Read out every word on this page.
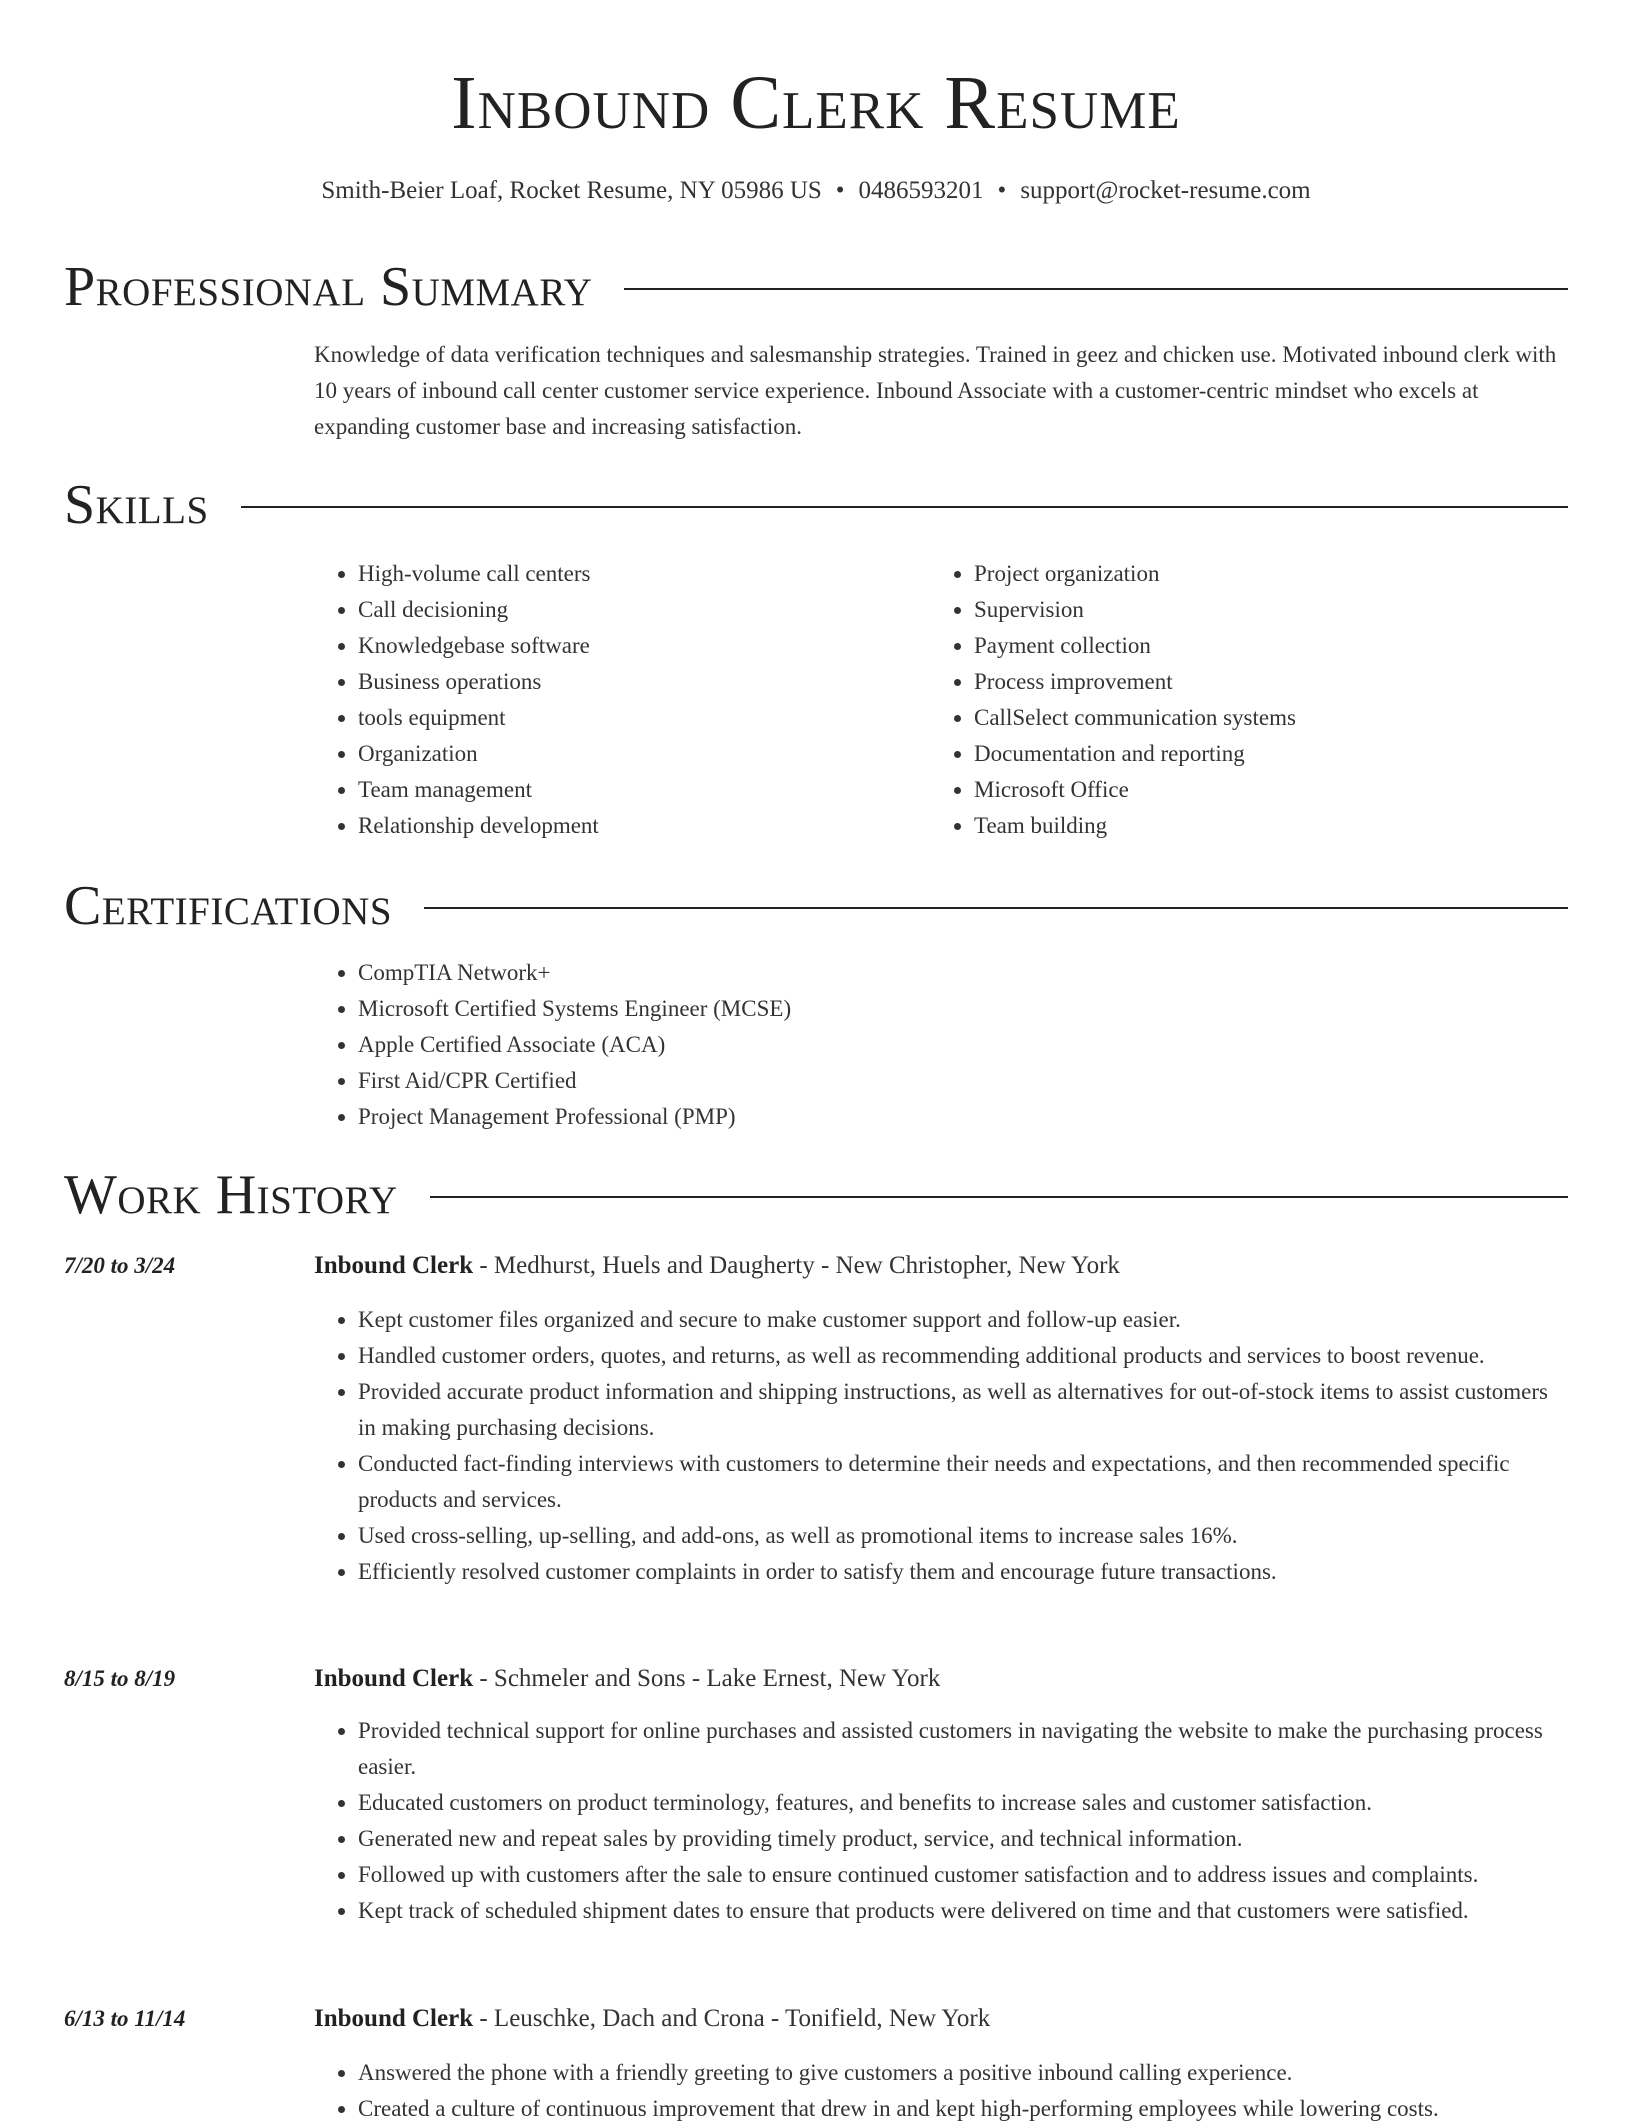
Inbound Clerk Resume
Smith-Beier Loaf, Rocket Resume, NY 05986 US • 0486593201 • support@rocket-resume.com
Professional Summary
Knowledge of data verification techniques and salesmanship strategies. Trained in geez and chicken use. Motivated inbound clerk with 10 years of inbound call center customer service experience. Inbound Associate with a customer-centric mindset who excels at expanding customer base and increasing satisfaction.
Skills
• High-volume call centers
• Call decisioning
• Knowledgebase software
• Business operations
• tools equipment
• Organization
• Team management
• Relationship development
• Project organization
• Supervision
• Payment collection
• Process improvement
• CallSelect communication systems
• Documentation and reporting
• Microsoft Office
• Team building
Certifications
• CompTIA Network+
• Microsoft Certified Systems Engineer (MCSE)
• Apple Certified Associate (ACA)
• First Aid/CPR Certified
• Project Management Professional (PMP)
Work History
7/20 to 3/24	Inbound Clerk - Medhurst, Huels and Daugherty - New Christopher, New York
• Kept customer files organized and secure to make customer support and follow-up easier.
• Handled customer orders, quotes, and returns, as well as recommending additional products and services to boost revenue.
• Provided accurate product information and shipping instructions, as well as alternatives for out-of-stock items to assist customers in making purchasing decisions.
• Conducted fact-finding interviews with customers to determine their needs and expectations, and then recommended specific products and services.
• Used cross-selling, up-selling, and add-ons, as well as promotional items to increase sales 16%.
• Efficiently resolved customer complaints in order to satisfy them and encourage future transactions.
8/15 to 8/19	Inbound Clerk - Schmeler and Sons - Lake Ernest, New York
• Provided technical support for online purchases and assisted customers in navigating the website to make the purchasing process easier.
• Educated customers on product terminology, features, and benefits to increase sales and customer satisfaction.
• Generated new and repeat sales by providing timely product, service, and technical information.
• Followed up with customers after the sale to ensure continued customer satisfaction and to address issues and complaints.
• Kept track of scheduled shipment dates to ensure that products were delivered on time and that customers were satisfied.
6/13 to 11/14	Inbound Clerk - Leuschke, Dach and Crona - Tonifield, New York
• Answered the phone with a friendly greeting to give customers a positive inbound calling experience.
• Created a culture of continuous improvement that drew in and kept high-performing employees while lowering costs.
